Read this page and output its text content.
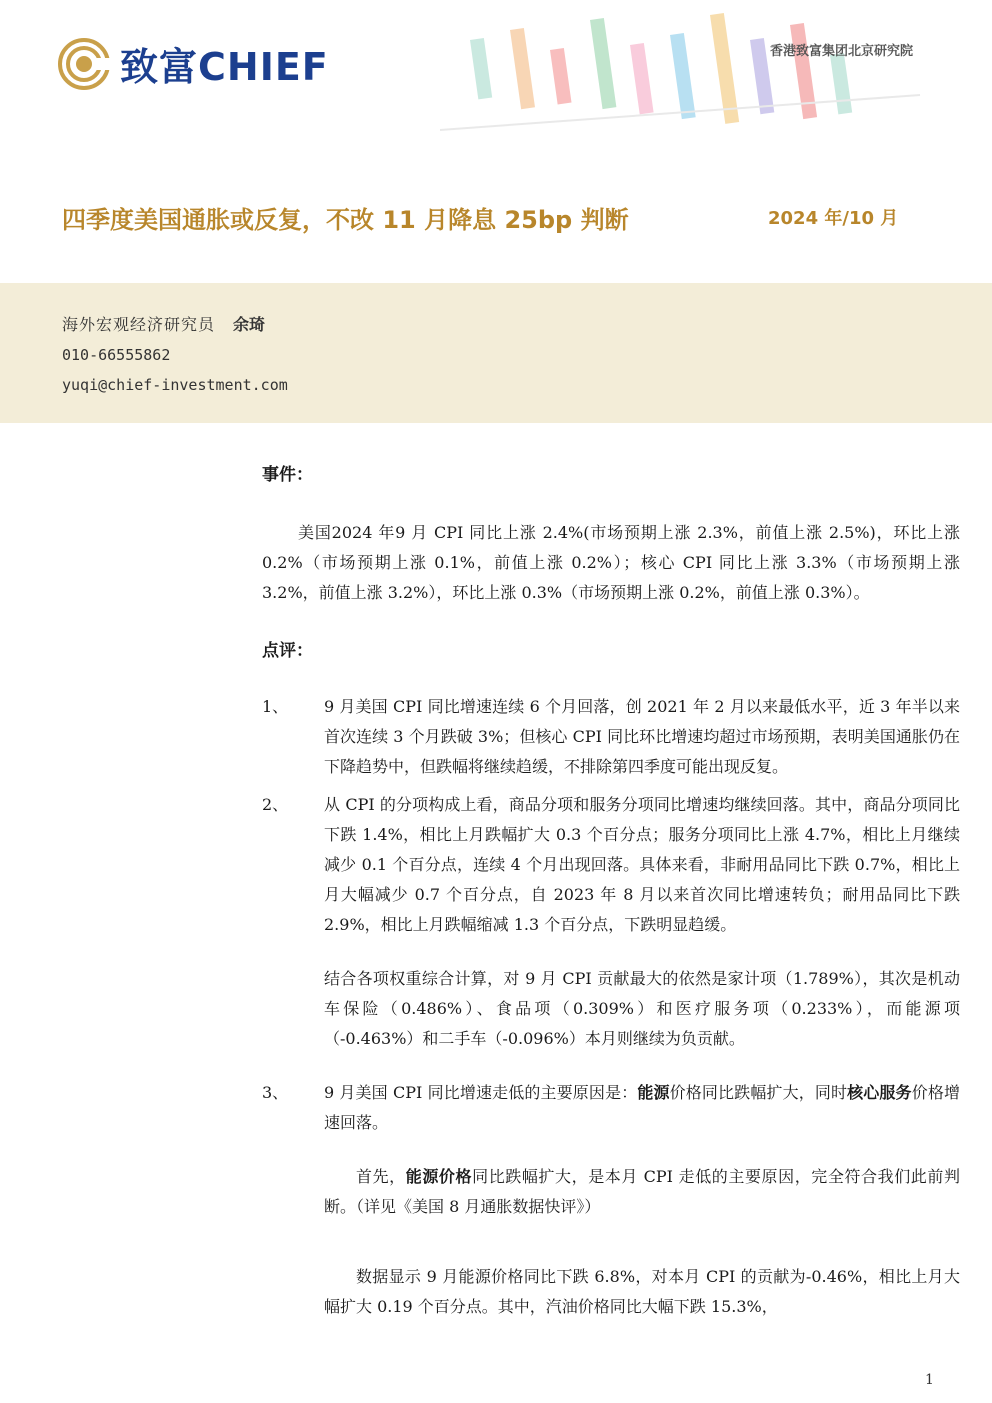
致富CHIEF	香港致富集团北京研究院
四季度美国通胀或反复，不改 11 月降息 25bp 判断	2024 年/10 月
海外宏观经济研究员 余琦
010-66555862
yuqi@chief-investment.com

事件：

美国2024 年9 月 CPI 同比上涨 2.4%(市场预期上涨 2.3%，前值上涨 2.5%)，环比上涨 0.2%（市场预期上涨 0.1%，前值上涨 0.2%）；核心 CPI 同比上涨 3.3%（市场预期上涨 3.2%，前值上涨 3.2%），环比上涨 0.3%（市场预期上涨 0.2%，前值上涨 0.3%）。

点评：

1、	9 月美国 CPI 同比增速连续 6 个月回落，创 2021 年 2 月以来最低水平，近 3 年半以来首次连续 3 个月跌破 3%；但核心 CPI 同比环比增速均超过市场预期，表明美国通胀仍在下降趋势中，但跌幅将继续趋缓，不排除第四季度可能出现反复。
2、	从 CPI 的分项构成上看，商品分项和服务分项同比增速均继续回落。其中，商品分项同比下跌 1.4%，相比上月跌幅扩大 0.3 个百分点；服务分项同比上涨 4.7%，相比上月继续减少 0.1 个百分点，连续 4 个月出现回落。具体来看，非耐用品同比下跌 0.7%，相比上月大幅减少 0.7 个百分点，自 2023 年 8 月以来首次同比增速转负；耐用品同比下跌 2.9%，相比上月跌幅缩减 1.3 个百分点，下跌明显趋缓。

结合各项权重综合计算，对 9 月 CPI 贡献最大的依然是家计项（1.789%），其次是机动车保险（0.486%）、食品项（0.309%）和医疗服务项（0.233%），而能源项（-0.463%）和二手车（-0.096%）本月则继续为负贡献。

3、	9 月美国 CPI 同比增速走低的主要原因是：能源价格同比跌幅扩大，同时核心服务价格增速回落。

首先，能源价格同比跌幅扩大，是本月 CPI 走低的主要原因，完全符合我们此前判断。（详见《美国 8 月通胀数据快评》）

数据显示 9 月能源价格同比下跌 6.8%，对本月 CPI 的贡献为-0.46%，相比上月大幅扩大 0.19 个百分点。其中，汽油价格同比大幅下跌 15.3%，

1
